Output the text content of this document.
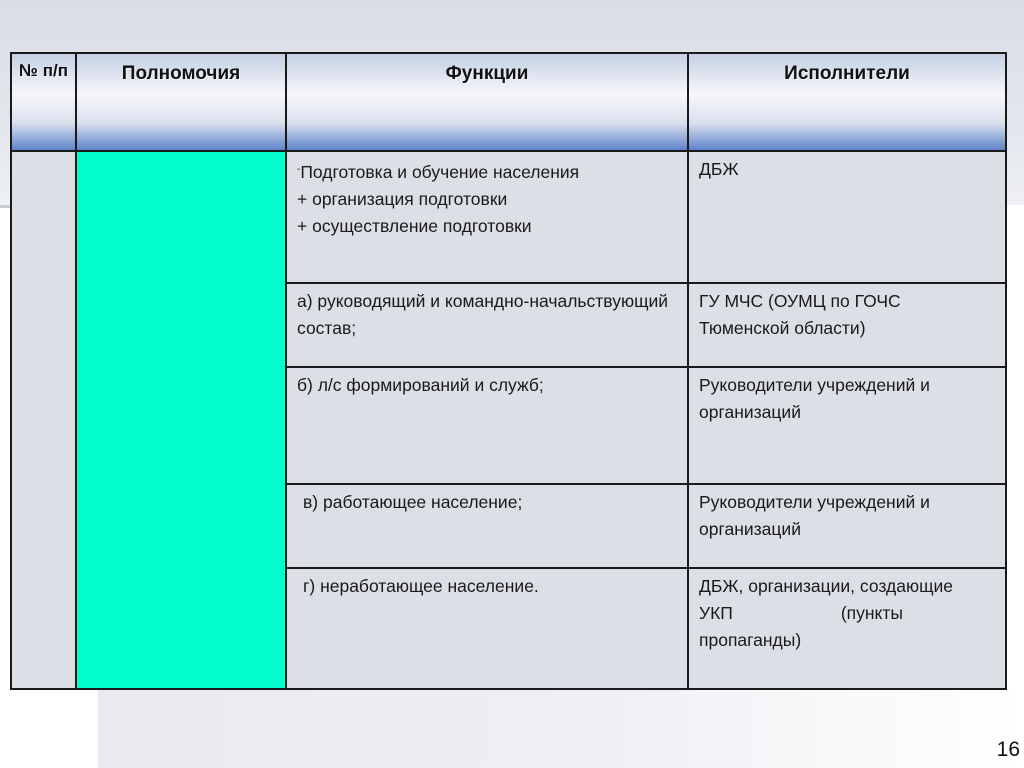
№ п/п	Полномочия	Функции	Исполнители

		-Подготовка и обучение населения
+ организация подготовки
+ осуществление подготовки	ДБЖ

		а) руководящий и командно-начальствующий состав;	ГУ МЧС (ОУМЦ по ГОЧС Тюменской области)

		б) л/с формирований и служб;	Руководители учреждений и организаций

		в) работающее население;	Руководители учреждений и организаций

		г) неработающее население.	ДБЖ, организации, создающие
УКП (пункты
пропаганды)
16
